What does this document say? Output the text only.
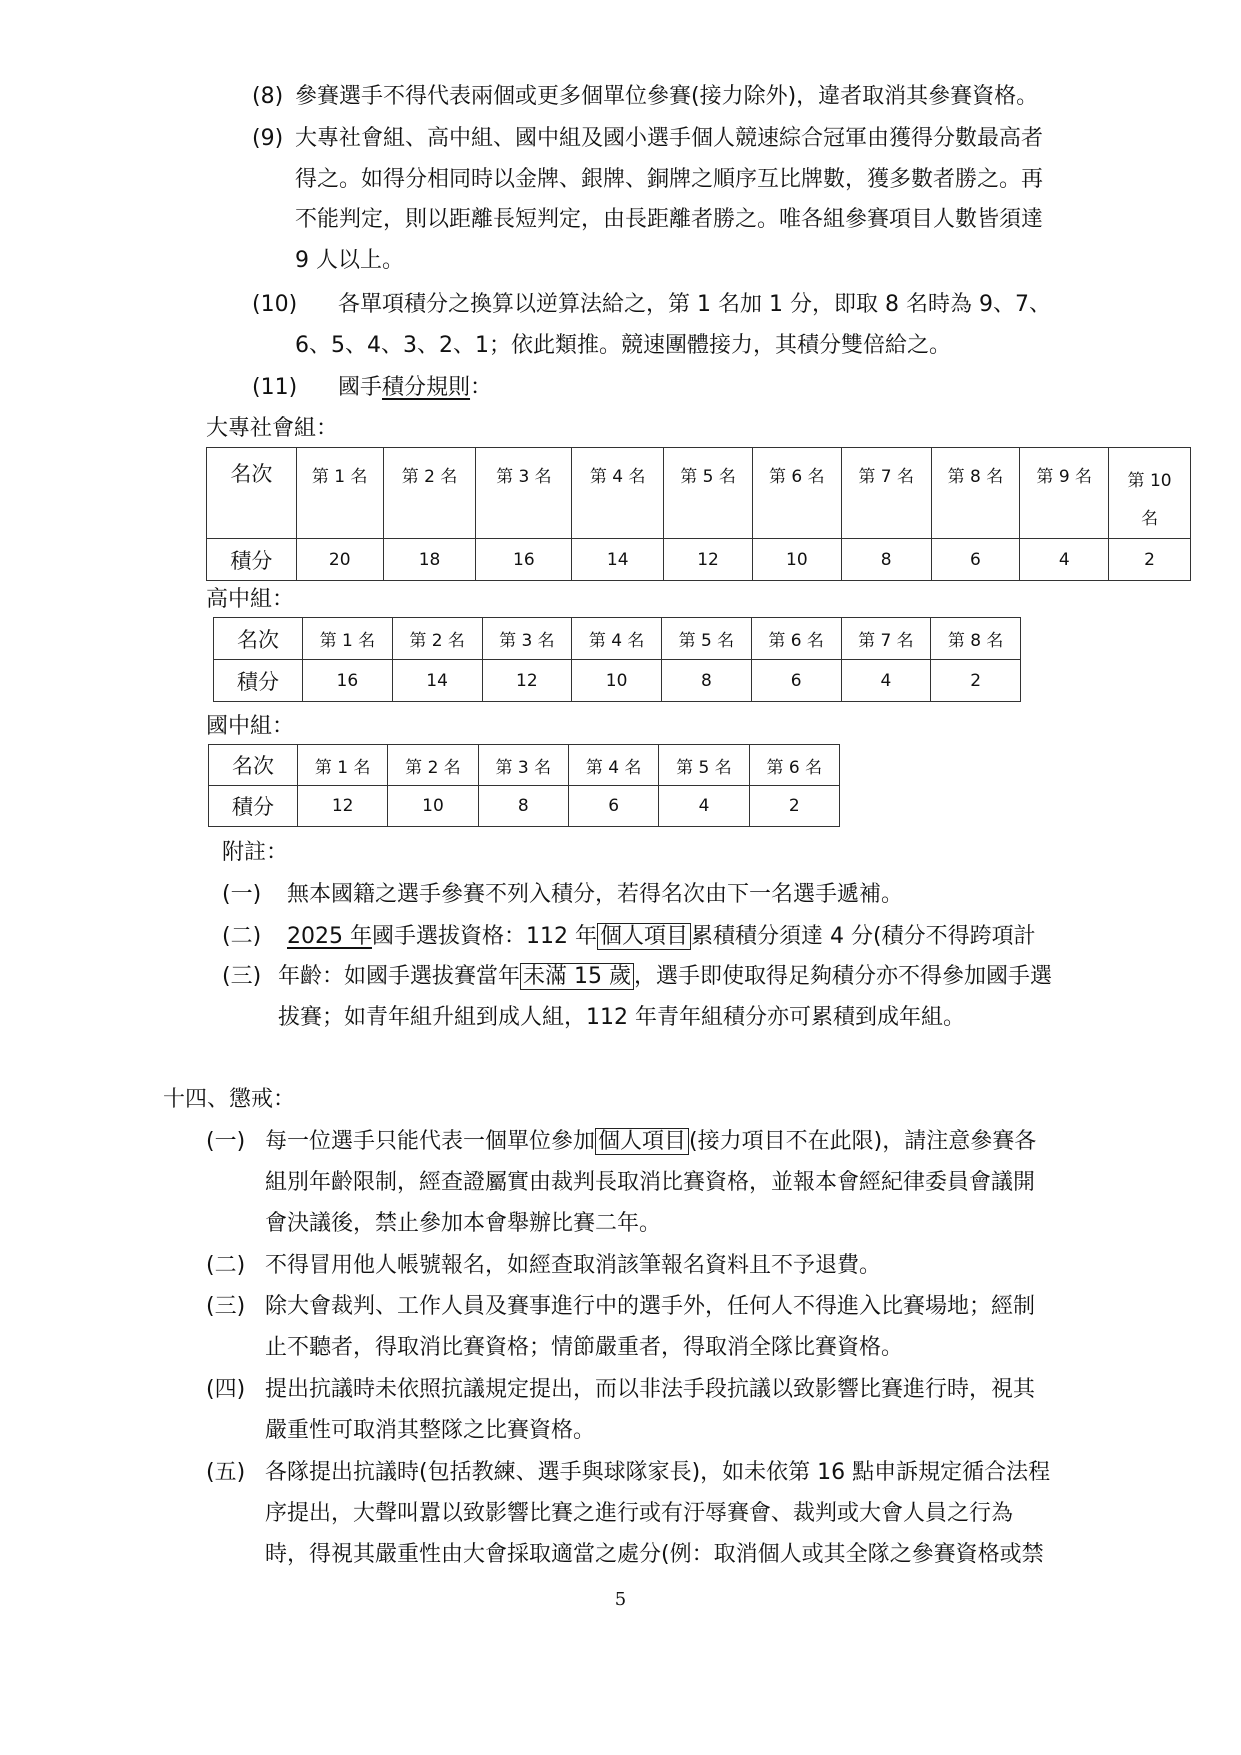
(8) 參賽選手不得代表兩個或更多個單位參賽(接力除外)，違者取消其參賽資格。
(9) 大專社會組、高中組、國中組及國小選手個人競速綜合冠軍由獲得分數最高者
得之。如得分相同時以金牌、銀牌、銅牌之順序互比牌數，獲多數者勝之。再
不能判定，則以距離長短判定，由長距離者勝之。唯各組參賽項目人數皆須達
9 人以上。
(10) 各單項積分之換算以逆算法給之，第 1 名加 1 分，即取 8 名時為 9、7、
6、5、4、3、2、1；依此類推。競速團體接力，其積分雙倍給之。
(11) 國手積分規則：
大專社會組：
名次	第 1 名	第 2 名	第 3 名	第 4 名	第 5 名	第 6 名	第 7 名	第 8 名	第 9 名	第 10 名
積分	20	18	16	14	12	10	8	6	4	2
高中組：
名次	第 1 名	第 2 名	第 3 名	第 4 名	第 5 名	第 6 名	第 7 名	第 8 名
積分	16	14	12	10	8	6	4	2
國中組：
名次	第 1 名	第 2 名	第 3 名	第 4 名	第 5 名	第 6 名
積分	12	10	8	6	4	2
附註：
(一) 無本國籍之選手參賽不列入積分，若得名次由下一名選手遞補。
(二) 2025 年國手選拔資格：112 年 個人項目 累積積分須達 4 分(積分不得跨項計
(三) 年齡：如國手選拔賽當年 未滿 15 歲 ，選手即使取得足夠積分亦不得參加國手選
拔賽；如青年組升組到成人組，112 年青年組積分亦可累積到成年組。
十四、懲戒：
(一) 每一位選手只能代表一個單位參加 個人項目 (接力項目不在此限)，請注意參賽各
組別年齡限制，經查證屬實由裁判長取消比賽資格，並報本會經紀律委員會議開
會決議後，禁止參加本會舉辦比賽二年。
(二) 不得冒用他人帳號報名，如經查取消該筆報名資料且不予退費。
(三) 除大會裁判、工作人員及賽事進行中的選手外，任何人不得進入比賽場地；經制
止不聽者，得取消比賽資格；情節嚴重者，得取消全隊比賽資格。
(四) 提出抗議時未依照抗議規定提出，而以非法手段抗議以致影響比賽進行時，視其
嚴重性可取消其整隊之比賽資格。
(五) 各隊提出抗議時(包括教練、選手與球隊家長)，如未依第 16 點申訴規定循合法程
序提出，大聲叫囂以致影響比賽之進行或有汙辱賽會、裁判或大會人員之行為
時，得視其嚴重性由大會採取適當之處分(例：取消個人或其全隊之參賽資格或禁
5
